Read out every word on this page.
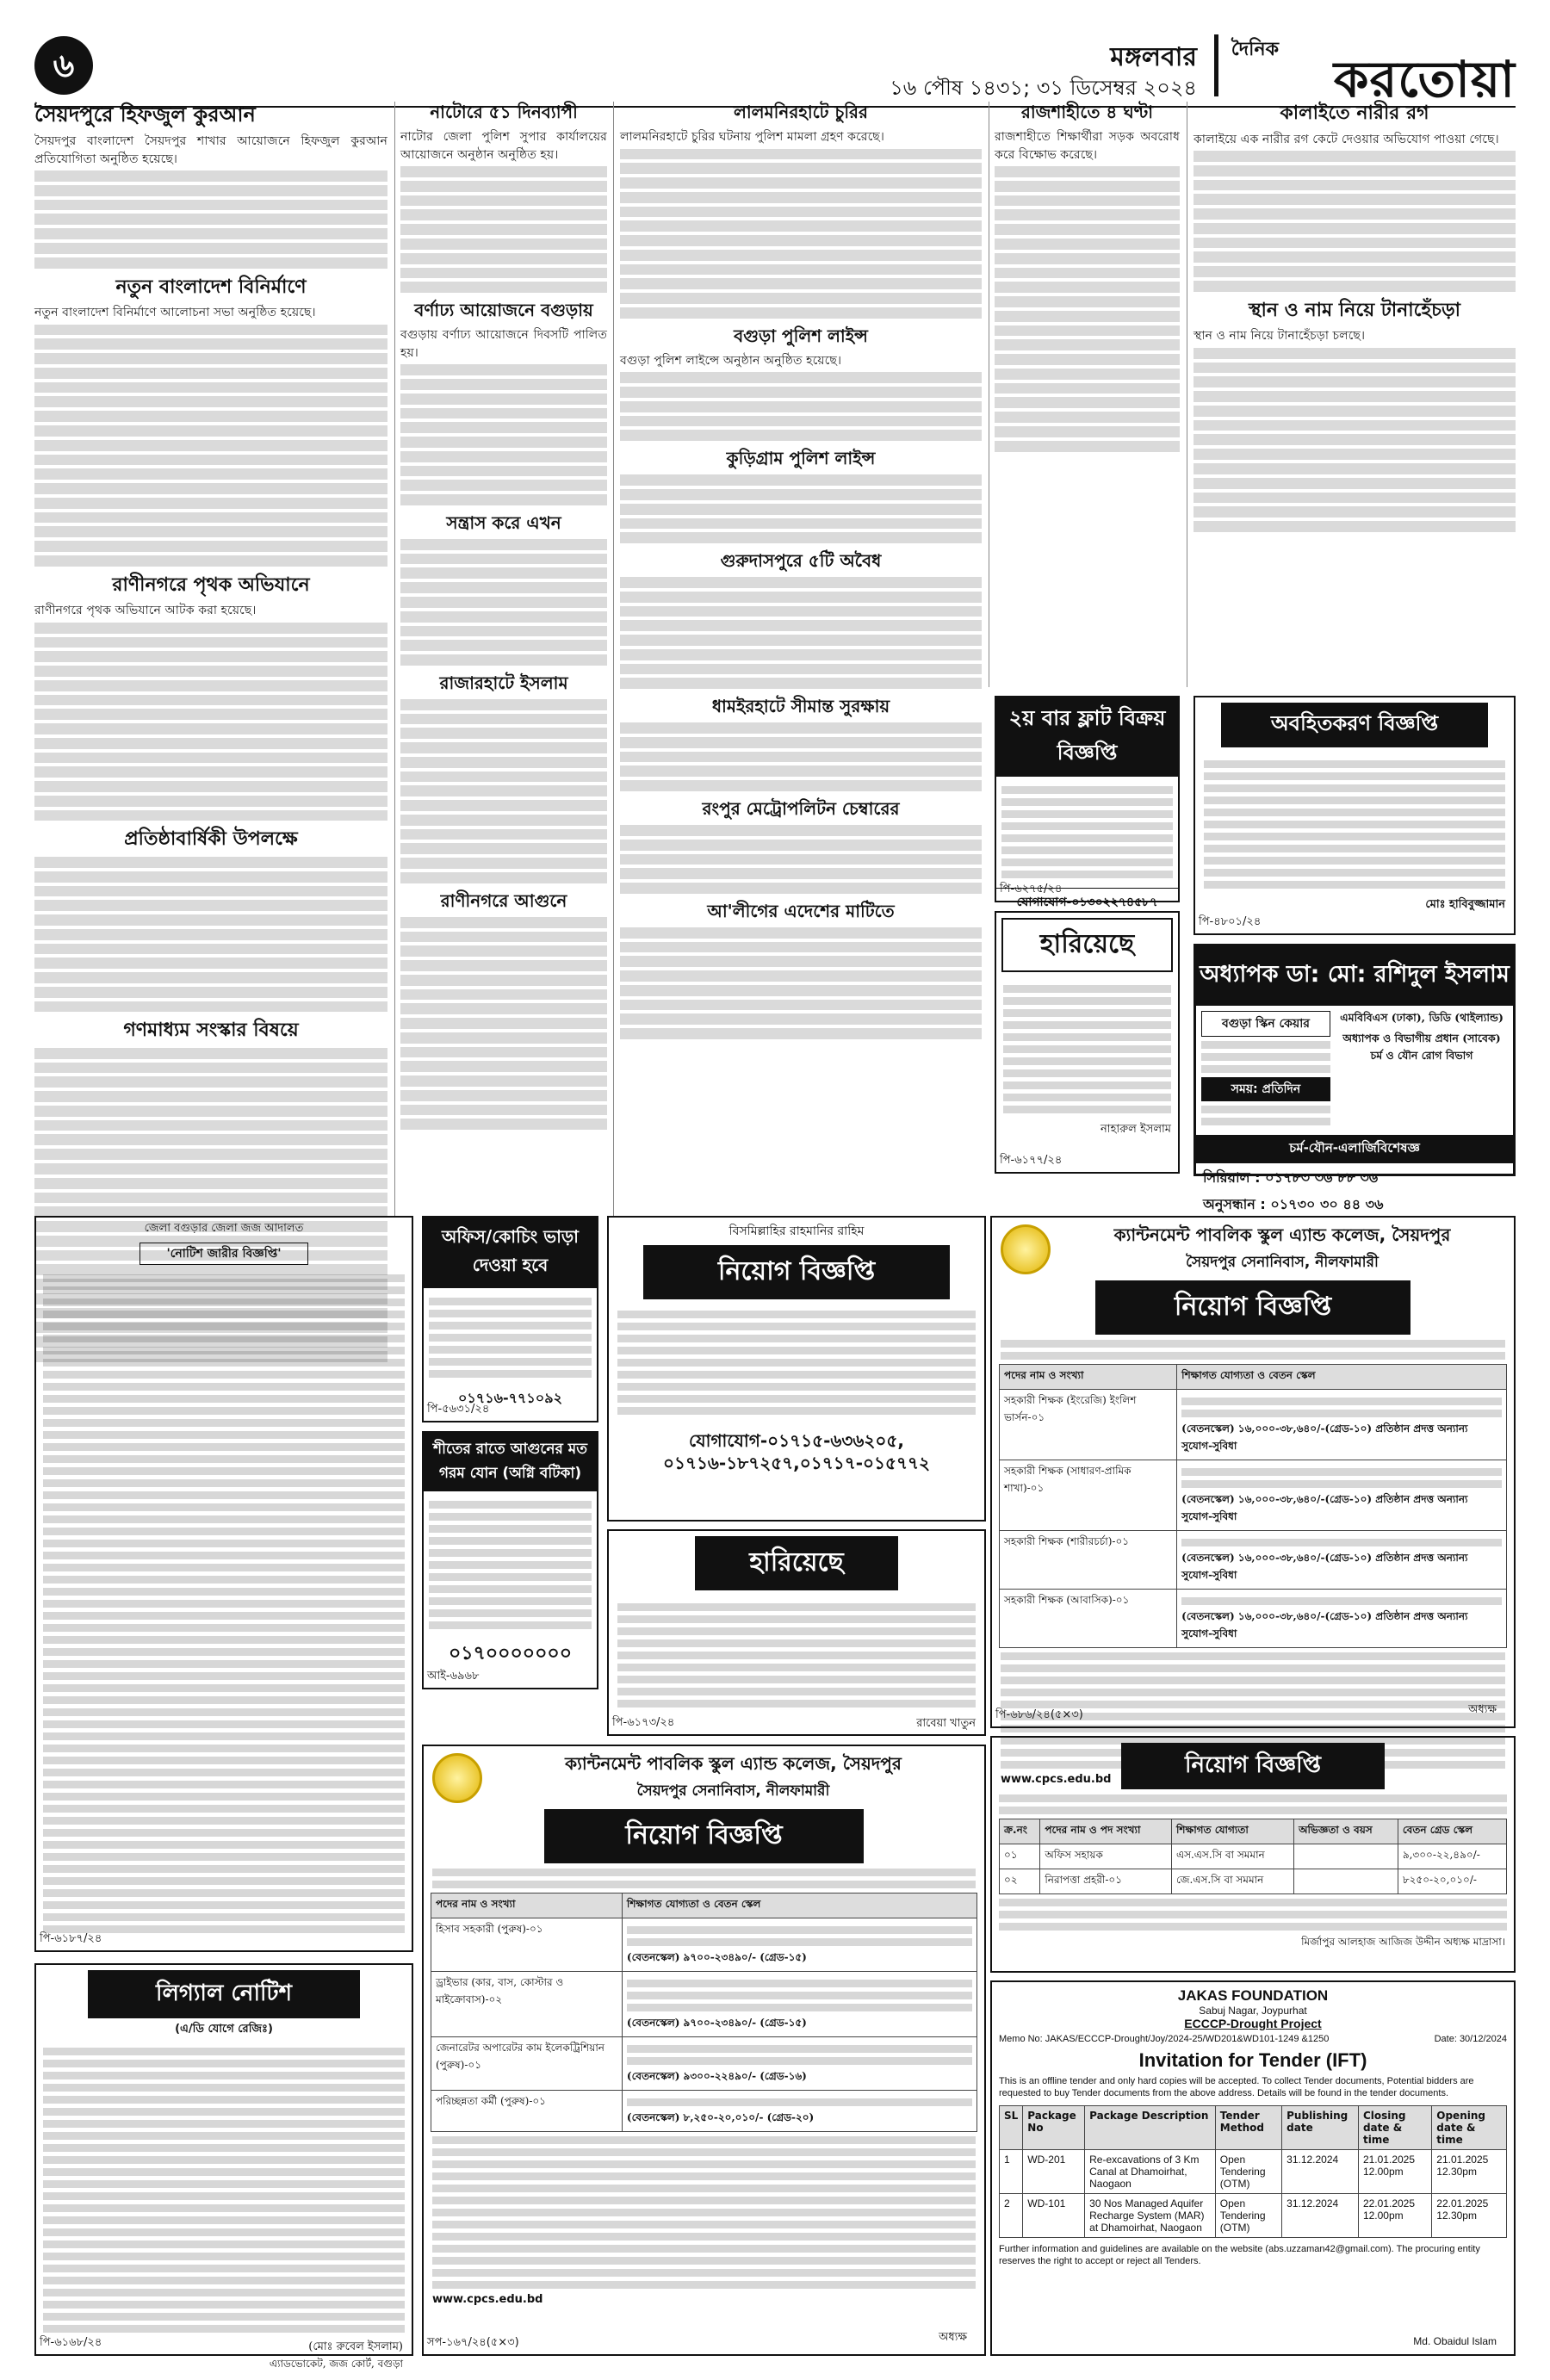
৬	মঙ্গলবার
১৬ পৌষ ১৪৩১; ৩১ ডিসেম্বর ২০২৪
দৈনিক
করতোয়া
সৈয়দপুরে হিফজুল কুরআন
সৈয়দপুর বাংলাদেশ সৈয়দপুর শাখার আয়োজনে হিফজুল কুরআন প্রতিযোগিতা অনুষ্ঠিত হয়েছে।
নতুন বাংলাদেশ বিনির্মাণে
নতুন বাংলাদেশ বিনির্মাণে আলোচনা সভা অনুষ্ঠিত হয়েছে।
রাণীনগরে পৃথক অভিযানে
রাণীনগরে পৃথক অভিযানে আটক করা হয়েছে।
প্রতিষ্ঠাবার্ষিকী উপলক্ষে
গণমাধ্যম সংস্কার বিষয়ে
নাটোরে ৫১ দিনব্যাপী
নাটোর জেলা পুলিশ সুপার কার্যালয়ের আয়োজনে অনুষ্ঠান অনুষ্ঠিত হয়।
বর্ণাঢ্য আয়োজনে বগুড়ায়
বগুড়ায় বর্ণাঢ্য আয়োজনে দিবসটি পালিত হয়।
সন্ত্রাস করে এখন
রাজারহাটে ইসলাম
রাণীনগরে আগুনে
লালমনিরহাটে চুরির
লালমনিরহাটে চুরির ঘটনায় পুলিশ মামলা গ্রহণ করেছে।
বগুড়া পুলিশ লাইন্স
বগুড়া পুলিশ লাইন্সে অনুষ্ঠান অনুষ্ঠিত হয়েছে।
কুড়িগ্রাম পুলিশ লাইন্স
গুরুদাসপুরে ৫টি অবৈধ
ধামইরহাটে সীমান্ত সুরক্ষায়
রংপুর মেট্রোপলিটন চেম্বারের
আ'লীগের এদেশের মাটিতে
রাজশাহীতে ৪ ঘণ্টা
রাজশাহীতে শিক্ষার্থীরা সড়ক অবরোধ করে বিক্ষোভ করেছে।
কালাইতে নারীর রগ
কালাইয়ে এক নারীর রগ কেটে দেওয়ার অভিযোগ পাওয়া গেছে।
স্থান ও নাম নিয়ে টানাহেঁচড়া
স্থান ও নাম নিয়ে টানাহেঁচড়া চলছে।
২য় বার ফ্লাট বিক্রয় বিজ্ঞপ্তি
যোগাযোগ-০১৩০২২৭৪৫৮৭
পি-৬২৭৫/২৪
হারিয়েছে
নাহারুল ইসলাম
পি-৬১৭৭/২৪
অবহিতকরণ বিজ্ঞপ্তি
মোঃ হাবিবুজ্জামান
পি-৪৮০১/২৪
অধ্যাপক ডা: মো: রশিদুল ইসলাম
বগুড়া স্কিন কেয়ার
সময়: প্রতিদিন
এমবিবিএস (ঢাকা), ডিডি (থাইল্যান্ড)
অধ্যাপক ও বিভাগীয় প্রধান (সাবেক) চর্ম ও যৌন রোগ বিভাগ
চর্ম-যৌন-এলার্জিবিশেষজ্ঞ
সিরিয়াল : ০১৭৮৩ ৩৬ ৮৮ ৩৬
অনুসন্ধান : ০১৭৩০ ৩০ ৪৪ ৩৬
অফিস/কোচিং ভাড়া দেওয়া হবে
০১৭১৬-৭৭১০৯২
পি-৫৬৩১/২৪
শীতের রাতে আগুনের মত গরম যোন (অগ্নি বটিকা)
০১৭০০০০০০০
আই-৬৯৬৮
বিসমিল্লাহির রাহমানির রাহিম
নিয়োগ বিজ্ঞপ্তি
যোগাযোগ-০১৭১৫-৬৩৬২০৫, ০১৭১৬-১৮৭২৫৭,০১৭১৭-০১৫৭৭২
হারিয়েছে
রাবেয়া খাতুন
পি-৬১৭৩/২৪
ক্যান্টনমেন্ট পাবলিক স্কুল এ্যান্ড কলেজ, সৈয়দপুর
সৈয়দপুর সেনানিবাস, নীলফামারী
নিয়োগ বিজ্ঞপ্তি
পদের নাম ও সংখ্যা	শিক্ষাগত যোগ্যতা ও বেতন স্কেল
সহকারী শিক্ষক (ইংরেজি) ইংলিশ ভার্সন-০১	(বেতনস্কেল) ১৬,০০০-৩৮,৬৪০/-(গ্রেড-১০) প্রতিষ্ঠান প্রদত্ত অন্যান্য সুযোগ-সুবিধা
সহকারী শিক্ষক (সাধারণ-প্রামিক শাখা)-০১	(বেতনস্কেল) ১৬,০০০-৩৮,৬৪০/-(গ্রেড-১০) প্রতিষ্ঠান প্রদত্ত অন্যান্য সুযোগ-সুবিধা
সহকারী শিক্ষক (শারীরচর্চা)-০১	(বেতনস্কেল) ১৬,০০০-৩৮,৬৪০/-(গ্রেড-১০) প্রতিষ্ঠান প্রদত্ত অন্যান্য সুযোগ-সুবিধা
সহকারী শিক্ষক (আবাসিক)-০১	(বেতনস্কেল) ১৬,০০০-৩৮,৬৪০/-(গ্রেড-১০) প্রতিষ্ঠান প্রদত্ত অন্যান্য সুযোগ-সুবিধা
www.cpcs.edu.bd
অধ্যক্ষ
পি-৬৮৬/২৪(৫×৩)
জেলা বগুড়ার জেলা জজ আদালত
'নোটিশ জারীর বিজ্ঞপ্তি'
পি-৬১৮৭/২৪
লিগ্যাল নোটিশ
(এ/ডি যোগে রেজিঃ)
(মোঃ রুবেল ইসলাম)
এ্যাডভোকেট, জজ কোর্ট, বগুড়া
পি-৬১৬৮/২৪
ক্যান্টনমেন্ট পাবলিক স্কুল এ্যান্ড কলেজ, সৈয়দপুর
সৈয়দপুর সেনানিবাস, নীলফামারী
নিয়োগ বিজ্ঞপ্তি
পদের নাম ও সংখ্যা	শিক্ষাগত যোগ্যতা ও বেতন স্কেল
হিসাব সহকারী (পুরুষ)-০১	(বেতনস্কেল) ৯৭০০-২৩৪৯০/- (গ্রেড-১৫)
ড্রাইভার (কার, বাস, কোস্টার ও মাইক্রোবাস)-০২	(বেতনস্কেল) ৯৭০০-২৩৪৯০/- (গ্রেড-১৫)
জেনারেটর অপারেটর কাম ইলেকট্রিশিয়ান (পুরুষ)-০১	(বেতনস্কেল) ৯৩০০-২২৪৯০/- (গ্রেড-১৬)
পরিচ্ছন্নতা কর্মী (পুরুষ)-০১	(বেতনস্কেল) ৮,২৫০-২০,০১০/- (গ্রেড-২০)
www.cpcs.edu.bd
অধ্যক্ষ
সপ-১৬৭/২৪(৫×৩)
নিয়োগ বিজ্ঞপ্তি
ক্র.নং	পদের নাম ও পদ সংখ্যা	শিক্ষাগত যোগ্যতা	অভিজ্ঞতা ও বয়স	বেতন গ্রেড স্কেল
০১	অফিস সহায়ক	এস.এস.সি বা সমমান		৯,৩০০-২২,৪৯০/-
০২	নিরাপত্তা প্রহরী-০১	জে.এস.সি বা সমমান		৮২৫০-২০,০১০/-
মির্জাপুর আলহাজ আজিজ উদ্দীন অধ্যক্ষ মাদ্রাসা।
JAKAS FOUNDATION
Sabuj Nagar, Joypurhat
ECCCP-Drought Project
Memo No: JAKAS/ECCCP-Drought/Joy/2024-25/WD201&WD101-1249 &1250	Date: 30/12/2024
Invitation for Tender (IFT)
This is an offline tender and only hard copies will be accepted. To collect Tender documents, Potential bidders are requested to buy Tender documents from the above address. Details will be found in the tender documents.
SL	Package No	Package Description	Tender Method	Publishing date	Closing date & time	Opening date & time
1	WD-201	Re-excavations of 3 Km Canal at Dhamoirhat, Naogaon	Open Tendering (OTM)	31.12.2024	21.01.2025 12.00pm	21.01.2025 12.30pm
2	WD-101	30 Nos Managed Aquifer Recharge System (MAR) at Dhamoirhat, Naogaon	Open Tendering (OTM)	31.12.2024	22.01.2025 12.00pm	22.01.2025 12.30pm
Further information and guidelines are available on the website (abs.uzzaman42@gmail.com). The procuring entity reserves the right to accept or reject all Tenders.
Md. Obaidul Islam
